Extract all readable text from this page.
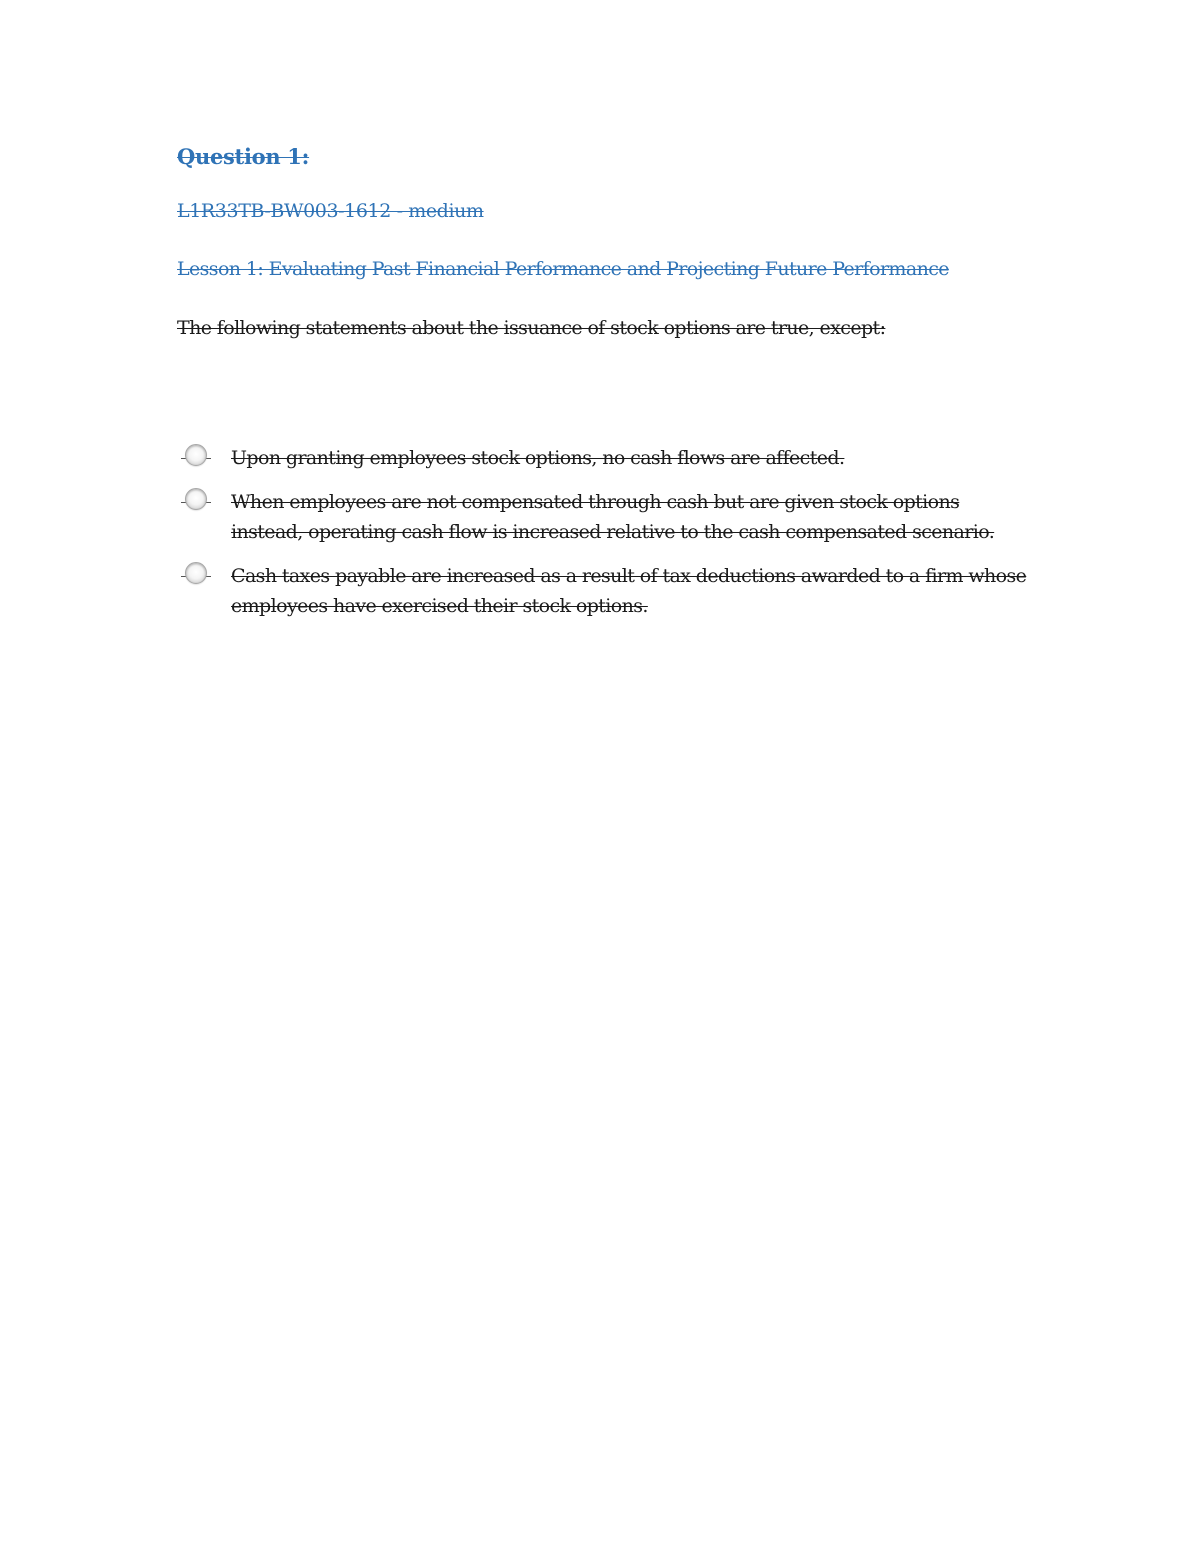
Question 1:
L1R33TB-BW003-1612 - medium
Lesson 1: Evaluating Past Financial Performance and Projecting Future Performance
The following statements about the issuance of stock options are true, except:
Upon granting employees stock options, no cash flows are affected.
When employees are not compensated through cash but are given stock options instead, operating cash flow is increased relative to the cash compensated scenario.
Cash taxes payable are increased as a result of tax deductions awarded to a firm whose employees have exercised their stock options.
